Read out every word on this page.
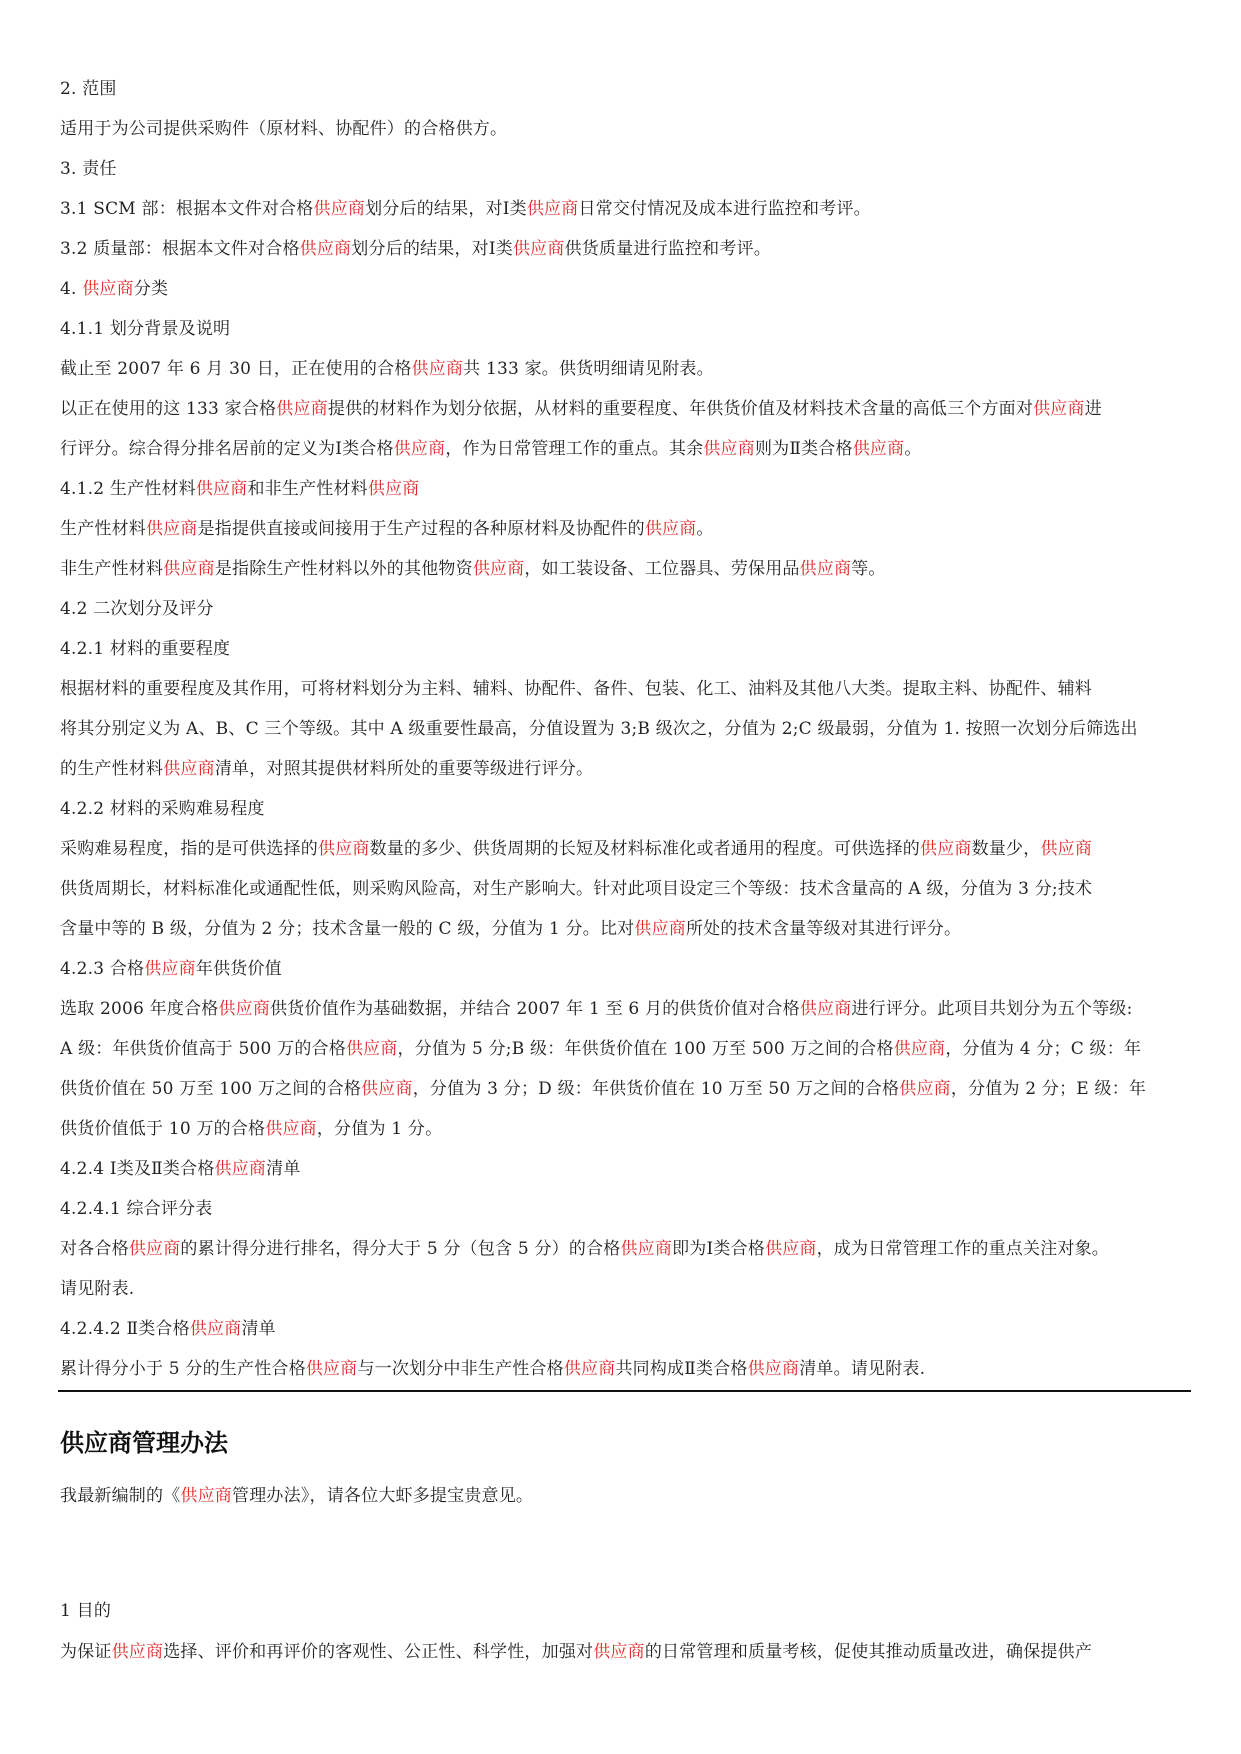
2. 范围
适用于为公司提供采购件（原材料、协配件）的合格供方。
3. 责任
3.1 SCM 部：根据本文件对合格供应商划分后的结果，对Ⅰ类供应商日常交付情况及成本进行监控和考评。
3.2 质量部：根据本文件对合格供应商划分后的结果，对Ⅰ类供应商供货质量进行监控和考评。
4. 供应商分类
4.1.1 划分背景及说明
截止至 2007 年 6 月 30 日，正在使用的合格供应商共 133 家。供货明细请见附表。
以正在使用的这 133 家合格供应商提供的材料作为划分依据，从材料的重要程度、年供货价值及材料技术含量的高低三个方面对供应商进
行评分。综合得分排名居前的定义为Ⅰ类合格供应商，作为日常管理工作的重点。其余供应商则为Ⅱ类合格供应商。
4.1.2 生产性材料供应商和非生产性材料供应商
生产性材料供应商是指提供直接或间接用于生产过程的各种原材料及协配件的供应商。
非生产性材料供应商是指除生产性材料以外的其他物资供应商，如工装设备、工位器具、劳保用品供应商等。
4.2 二次划分及评分
4.2.1 材料的重要程度
根据材料的重要程度及其作用，可将材料划分为主料、辅料、协配件、备件、包装、化工、油料及其他八大类。提取主料、协配件、辅料
将其分别定义为 A、B、C 三个等级。其中 A 级重要性最高，分值设置为 3;B 级次之，分值为 2;C 级最弱，分值为 1. 按照一次划分后筛选出
的生产性材料供应商清单，对照其提供材料所处的重要等级进行评分。
4.2.2 材料的采购难易程度
采购难易程度，指的是可供选择的供应商数量的多少、供货周期的长短及材料标准化或者通用的程度。可供选择的供应商数量少，供应商
供货周期长，材料标准化或通配性低，则采购风险高，对生产影响大。针对此项目设定三个等级：技术含量高的 A 级，分值为 3 分;技术
含量中等的 B 级，分值为 2 分；技术含量一般的 C 级，分值为 1 分。比对供应商所处的技术含量等级对其进行评分。
4.2.3 合格供应商年供货价值
选取 2006 年度合格供应商供货价值作为基础数据，并结合 2007 年 1 至 6 月的供货价值对合格供应商进行评分。此项目共划分为五个等级:
A 级：年供货价值高于 500 万的合格供应商，分值为 5 分;B 级：年供货价值在 100 万至 500 万之间的合格供应商，分值为 4 分；C 级：年
供货价值在 50 万至 100 万之间的合格供应商，分值为 3 分；D 级：年供货价值在 10 万至 50 万之间的合格供应商，分值为 2 分；E 级：年
供货价值低于 10 万的合格供应商，分值为 1 分。
4.2.4 Ⅰ类及Ⅱ类合格供应商清单
4.2.4.1 综合评分表
对各合格供应商的累计得分进行排名，得分大于 5 分（包含 5 分）的合格供应商即为Ⅰ类合格供应商，成为日常管理工作的重点关注对象。
请见附表.
4.2.4.2 Ⅱ类合格供应商清单
累计得分小于 5 分的生产性合格供应商与一次划分中非生产性合格供应商共同构成Ⅱ类合格供应商清单。请见附表.
供应商管理办法
我最新编制的《供应商管理办法》，请各位大虾多提宝贵意见。
1 目的
为保证供应商选择、评价和再评价的客观性、公正性、科学性，加强对供应商的日常管理和质量考核，促使其推动质量改进，确保提供产
